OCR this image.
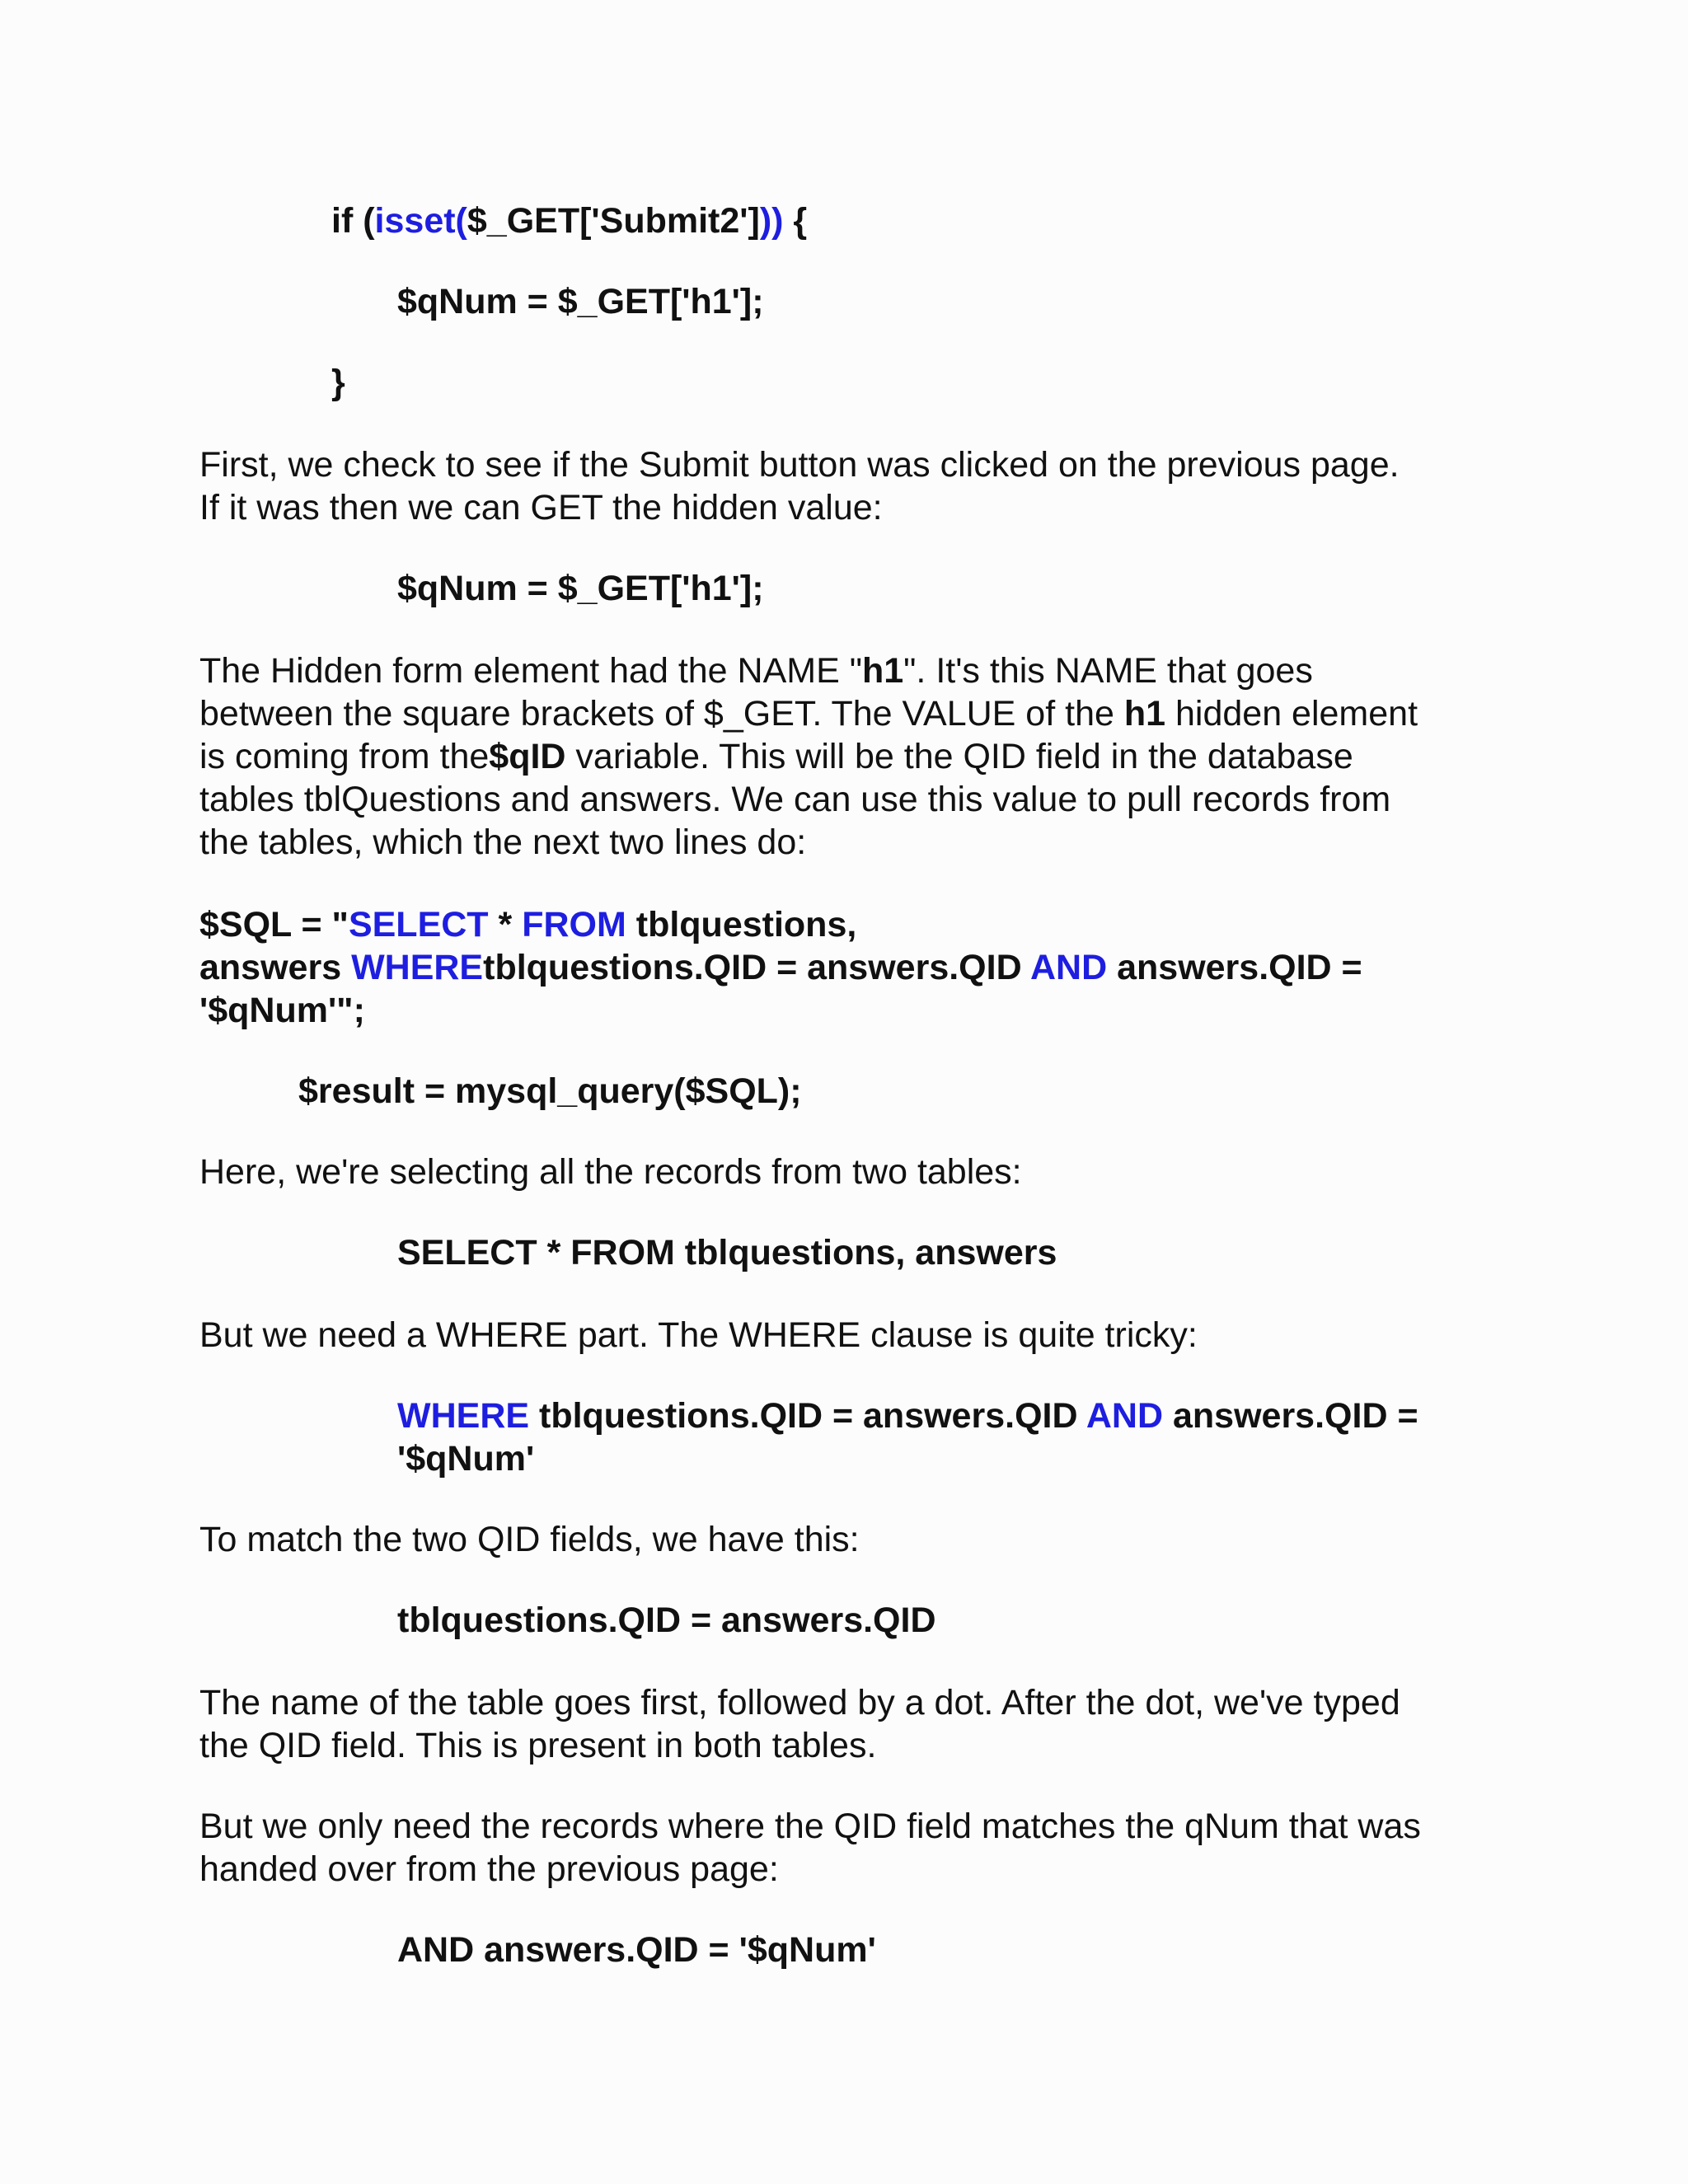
if (isset($_GET['Submit2'])) {

$qNum = $_GET['h1'];

}

First, we check to see if the Submit button was clicked on the previous page.

If it was then we can GET the hidden value:

$qNum = $_GET['h1'];

The Hidden form element had the NAME "h1". It's this NAME that goes

between the square brackets of $_GET. The VALUE of the h1 hidden element

is coming from the$qID variable. This will be the QID field in the database

tables tblQuestions and answers. We can use this value to pull records from

the tables, which the next two lines do:

$SQL = "SELECT * FROM tblquestions,

answers WHEREtblquestions.QID = answers.QID AND answers.QID =

'$qNum'";

$result = mysql_query($SQL);

Here, we're selecting all the records from two tables:

SELECT * FROM tblquestions, answers

But we need a WHERE part. The WHERE clause is quite tricky:

WHERE tblquestions.QID = answers.QID AND answers.QID =

'$qNum'

To match the two QID fields, we have this:

tblquestions.QID = answers.QID

The name of the table goes first, followed by a dot. After the dot, we've typed

the QID field. This is present in both tables.

But we only need the records where the QID field matches the qNum that was

handed over from the previous page:

AND answers.QID = '$qNum'
